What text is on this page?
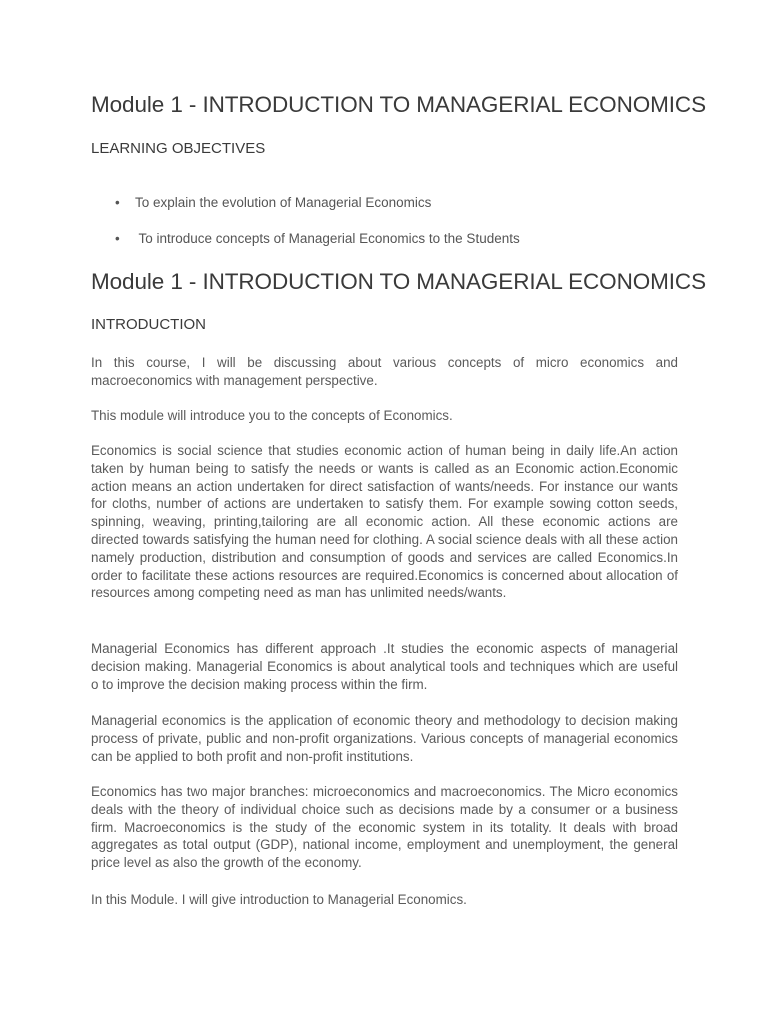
Module 1 - INTRODUCTION TO MANAGERIAL ECONOMICS
LEARNING OBJECTIVES
• To explain the evolution of Managerial Economics
• To introduce concepts of Managerial Economics to the Students
Module 1 - INTRODUCTION TO MANAGERIAL ECONOMICS
INTRODUCTION

In this course, I will be discussing about various concepts of micro economics and macroeconomics with management perspective.

This module will introduce you to the concepts of Economics.

Economics is social science that studies economic action of human being in daily life.An action taken by human being to satisfy the needs or wants is called as an Economic action.Economic action means an action undertaken for direct satisfaction of wants/needs. For instance our wants for cloths, number of actions are undertaken to satisfy them. For example sowing cotton seeds, spinning, weaving, printing,tailoring are all economic action. All these economic actions are directed towards satisfying the human need for clothing. A social science deals with all these action namely production, distribution and consumption of goods and services are called Economics.In order to facilitate these actions resources are required.Economics is concerned about allocation of resources among competing need as man has unlimited needs/wants.

Managerial Economics has different approach .It studies the economic aspects of managerial decision making. Managerial Economics is about analytical tools and techniques which are useful o to improve the decision making process within the firm.

Managerial economics is the application of economic theory and methodology to decision making process of private, public and non-profit organizations. Various concepts of managerial economics can be applied to both profit and non-profit institutions.

Economics has two major branches: microeconomics and macroeconomics. The Micro economics deals with the theory of individual choice such as decisions made by a consumer or a business firm. Macroeconomics is the study of the economic system in its totality. It deals with broad aggregates as total output (GDP), national income, employment and unemployment, the general price level as also the growth of the economy.

In this Module. I will give introduction to Managerial Economics.
